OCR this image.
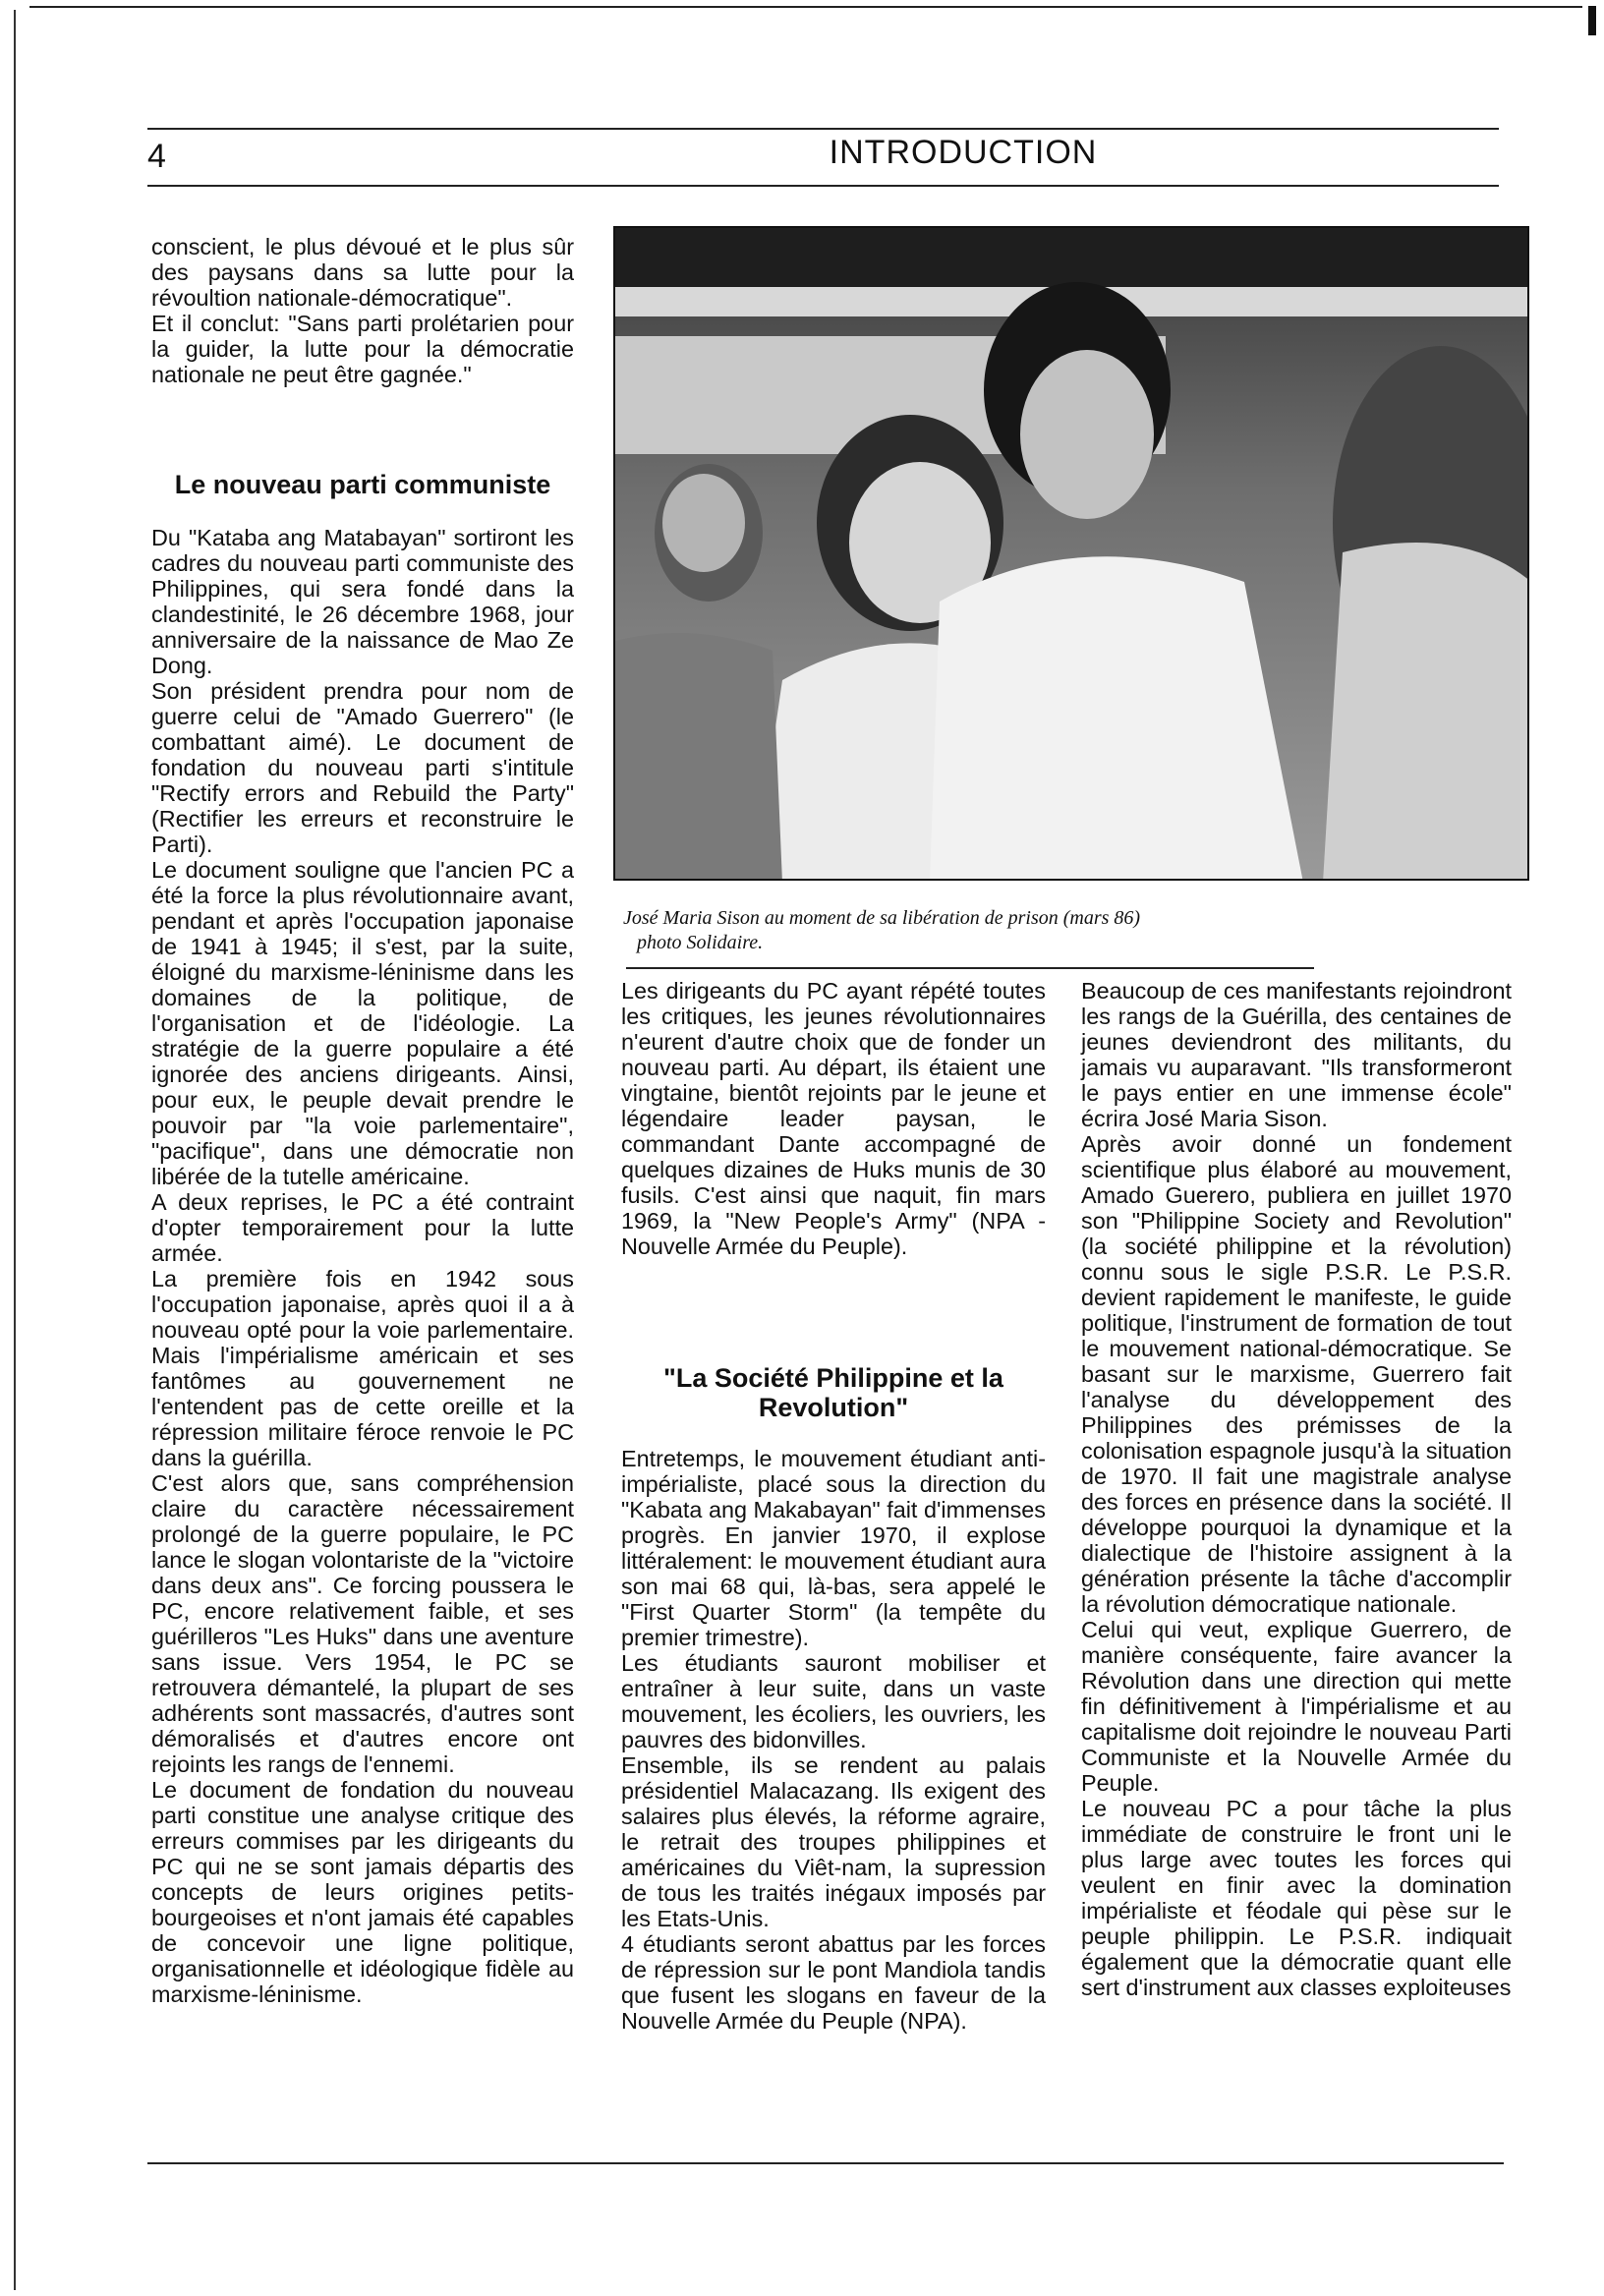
4	INTRODUCTION

conscient, le plus dévoué et le plus sûr des paysans dans sa lutte pour la révoultion nationale-démocratique".

Et il conclut: "Sans parti prolétarien pour la guider, la lutte pour la démocratie nationale ne peut être gagnée."

Le nouveau parti communiste

Du "Kataba ang Matabayan" sortiront les cadres du nouveau parti communiste des Philippines, qui sera fondé dans la clandestinité, le 26 décembre 1968, jour anniversaire de la naissance de Mao Ze Dong.

Son président prendra pour nom de guerre celui de "Amado Guerrero" (le combattant aimé). Le document de fondation du nouveau parti s'intitule "Rectify errors and Rebuild the Party" (Rectifier les erreurs et reconstruire le Parti).

Le document souligne que l'ancien PC a été la force la plus révolutionnaire avant, pendant et après l'occupation japonaise de 1941 à 1945; il s'est, par la suite, éloigné du marxisme-léninisme dans les domaines de la politique, de l'organisation et de l'idéologie. La stratégie de la guerre populaire a été ignorée des anciens dirigeants. Ainsi, pour eux, le peuple devait prendre le pouvoir par "la voie parlementaire", "pacifique", dans une démocratie non libérée de la tutelle américaine.

A deux reprises, le PC a été contraint d'opter temporairement pour la lutte armée.

La première fois en 1942 sous l'occupation japonaise, après quoi il a à nouveau opté pour la voie parlementaire. Mais l'impérialisme américain et ses fantômes au gouvernement ne l'entendent pas de cette oreille et la répression militaire féroce renvoie le PC dans la guérilla.

C'est alors que, sans compréhension claire du caractère nécessairement prolongé de la guerre populaire, le PC lance le slogan volontariste de la "victoire dans deux ans". Ce forcing poussera le PC, encore relativement faible, et ses guérilleros "Les Huks" dans une aventure sans issue. Vers 1954, le PC se retrouvera démantelé, la plupart de ses adhérents sont massacrés, d'autres sont démoralisés et d'autres encore ont rejoints les rangs de l'ennemi.

Le document de fondation du nouveau parti constitue une analyse critique des erreurs commises par les dirigeants du PC qui ne se sont jamais départis des concepts de leurs origines petits-bourgeoises et n'ont jamais été capables de concevoir une ligne politique, organisationnelle et idéologique fidèle au marxisme-léninisme.

José Maria Sison au moment de sa libération de prison (mars 86)
photo Solidaire.

Les dirigeants du PC ayant répété toutes les critiques, les jeunes révolutionnaires n'eurent d'autre choix que de fonder un nouveau parti. Au départ, ils étaient une vingtaine, bientôt rejoints par le jeune et légendaire leader paysan, le commandant Dante accompagné de quelques dizaines de Huks munis de 30 fusils. C'est ainsi que naquit, fin mars 1969, la "New People's Army" (NPA - Nouvelle Armée du Peuple).

"La Société Philippine et la Revolution"

Entretemps, le mouvement étudiant anti-impérialiste, placé sous la direction du "Kabata ang Makabayan" fait d'immenses progrès. En janvier 1970, il explose littéralement: le mouvement étudiant aura son mai 68 qui, là-bas, sera appelé le "First Quarter Storm" (la tempête du premier trimestre).

Les étudiants sauront mobiliser et entraîner à leur suite, dans un vaste mouvement, les écoliers, les ouvriers, les pauvres des bidonvilles.

Ensemble, ils se rendent au palais présidentiel Malacazang. Ils exigent des salaires plus élevés, la réforme agraire, le retrait des troupes philippines et américaines du Viêt-nam, la supression de tous les traités inégaux imposés par les Etats-Unis.

4 étudiants seront abattus par les forces de répression sur le pont Mandiola tandis que fusent les slogans en faveur de la Nouvelle Armée du Peuple (NPA).

Beaucoup de ces manifestants rejoindront les rangs de la Guérilla, des centaines de jeunes deviendront des militants, du jamais vu auparavant. "Ils transformeront le pays entier en une immense école" écrira José Maria Sison.

Après avoir donné un fondement scientifique plus élaboré au mouvement, Amado Guerero, publiera en juillet 1970 son "Philippine Society and Revolution" (la société philippine et la révolution) connu sous le sigle P.S.R. Le P.S.R. devient rapidement le manifeste, le guide politique, l'instrument de formation de tout le mouvement national-démocratique. Se basant sur le marxisme, Guerrero fait l'analyse du développement des Philippines des prémisses de la colonisation espagnole jusqu'à la situation de 1970. Il fait une magistrale analyse des forces en présence dans la société. Il développe pourquoi la dynamique et la dialectique de l'histoire assignent à la génération présente la tâche d'accomplir la révolution démocratique nationale.

Celui qui veut, explique Guerrero, de manière conséquente, faire avancer la Révolution dans une direction qui mette fin définitivement à l'impérialisme et au capitalisme doit rejoindre le nouveau Parti Communiste et la Nouvelle Armée du Peuple.

Le nouveau PC a pour tâche la plus immédiate de construire le front uni le plus large avec toutes les forces qui veulent en finir avec la domination impérialiste et féodale qui pèse sur le peuple philippin. Le P.S.R. indiquait également que la démocratie quant elle sert d'instrument aux classes exploiteuses
